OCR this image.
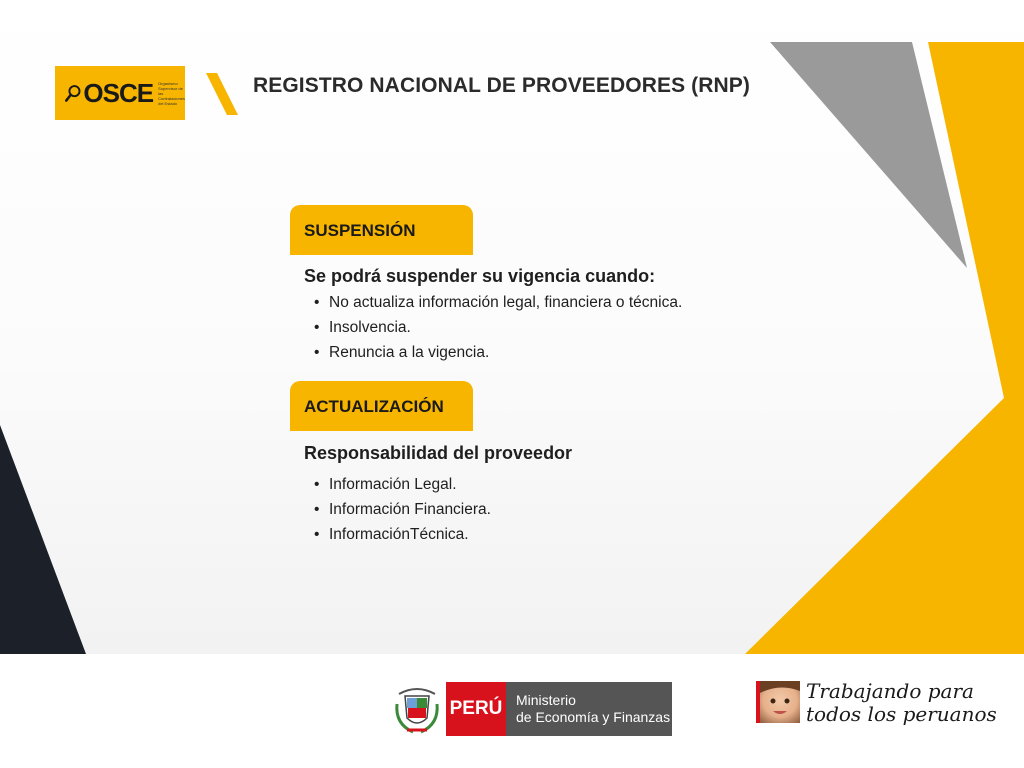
OSCE Organismo Supervisor de las Contrataciones del Estado
REGISTRO NACIONAL DE PROVEEDORES (RNP)
SUSPENSIÓN
Se podrá suspender su vigencia cuando:
• No actualiza información legal, financiera o técnica.
• Insolvencia.
• Renuncia a la vigencia.
ACTUALIZACIÓN
Responsabilidad del proveedor
• Información Legal.
• Información Financiera.
• InformaciónTécnica.
PERÚ Ministerio
de Economía y Finanzas
Trabajando para
todos los peruanos
